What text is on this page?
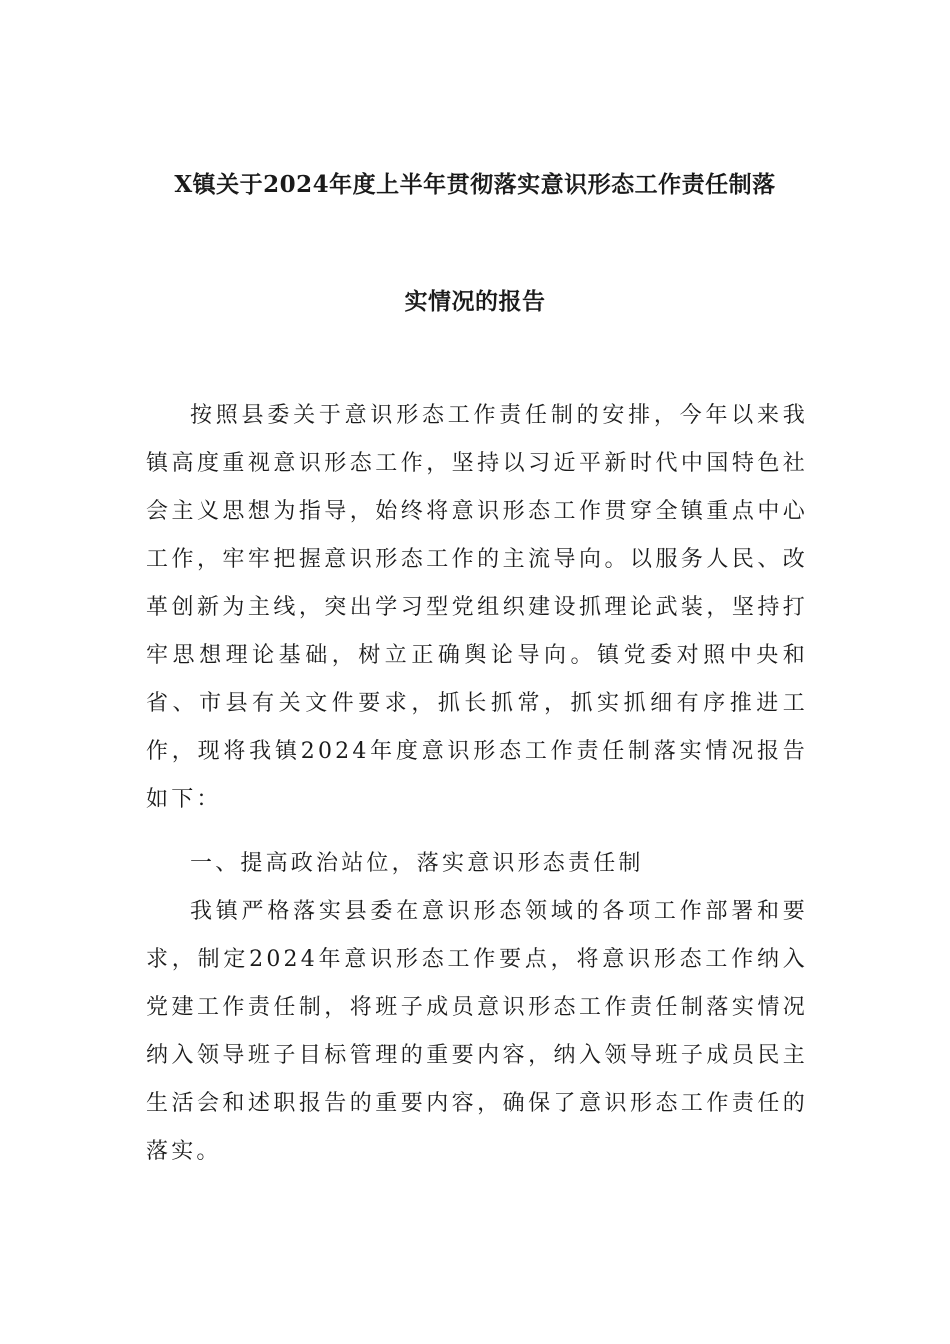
X镇关于2024年度上半年贯彻落实意识形态工作责任制落
实情况的报告

按照县委关于意识形态工作责任制的安排，今年以来我镇高度重视意识形态工作，坚持以习近平新时代中国特色社会主义思想为指导，始终将意识形态工作贯穿全镇重点中心工作，牢牢把握意识形态工作的主流导向。以服务人民、改革创新为主线，突出学习型党组织建设抓理论武装，坚持打牢思想理论基础，树立正确舆论导向。镇党委对照中央和省、市县有关文件要求，抓长抓常，抓实抓细有序推进工作，现将我镇2024年度意识形态工作责任制落实情况报告如下：

一、提高政治站位，落实意识形态责任制

我镇严格落实县委在意识形态领域的各项工作部署和要求，制定2024年意识形态工作要点，将意识形态工作纳入党建工作责任制，将班子成员意识形态工作责任制落实情况纳入领导班子目标管理的重要内容，纳入领导班子成员民主生活会和述职报告的重要内容，确保了意识形态工作责任的落实。
